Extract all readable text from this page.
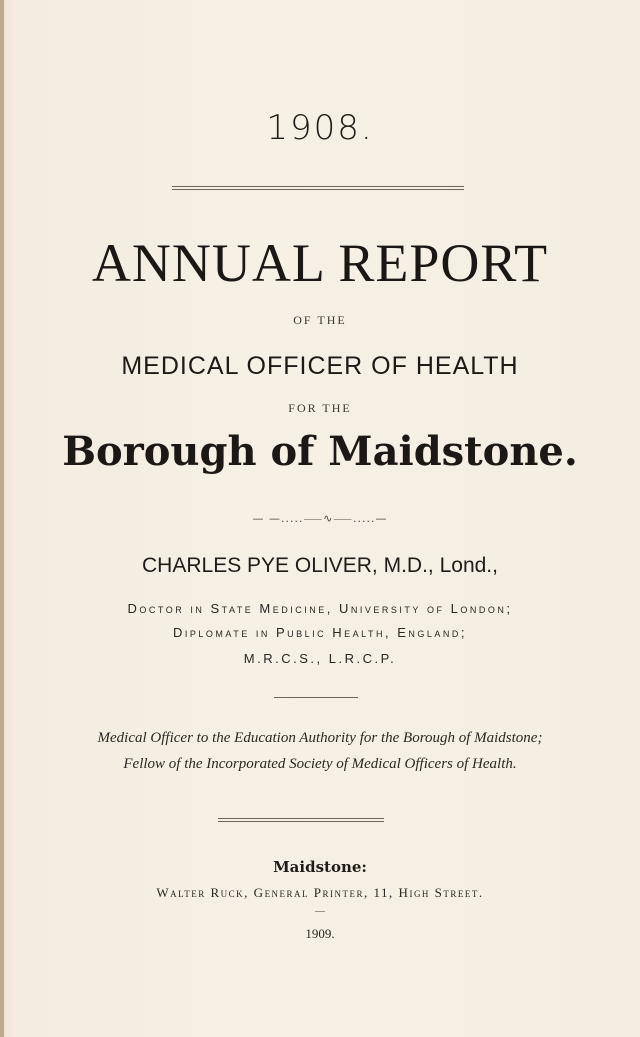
1908.
ANNUAL REPORT
OF THE
MEDICAL OFFICER OF HEALTH
FOR THE
Borough of Maidstone.
— —.....⸺∿⸺.....—
CHARLES PYE OLIVER, M.D., Lond.,
Doctor in State Medicine, University of London;
Diplomate in Public Health, England;
M.R.C.S., L.R.C.P.
Medical Officer to the Education Authority for the Borough of Maidstone;
Fellow of the Incorporated Society of Medical Officers of Health.
Maidstone:
Walter Ruck, General Printer, 11, High Street.
—
1909.
